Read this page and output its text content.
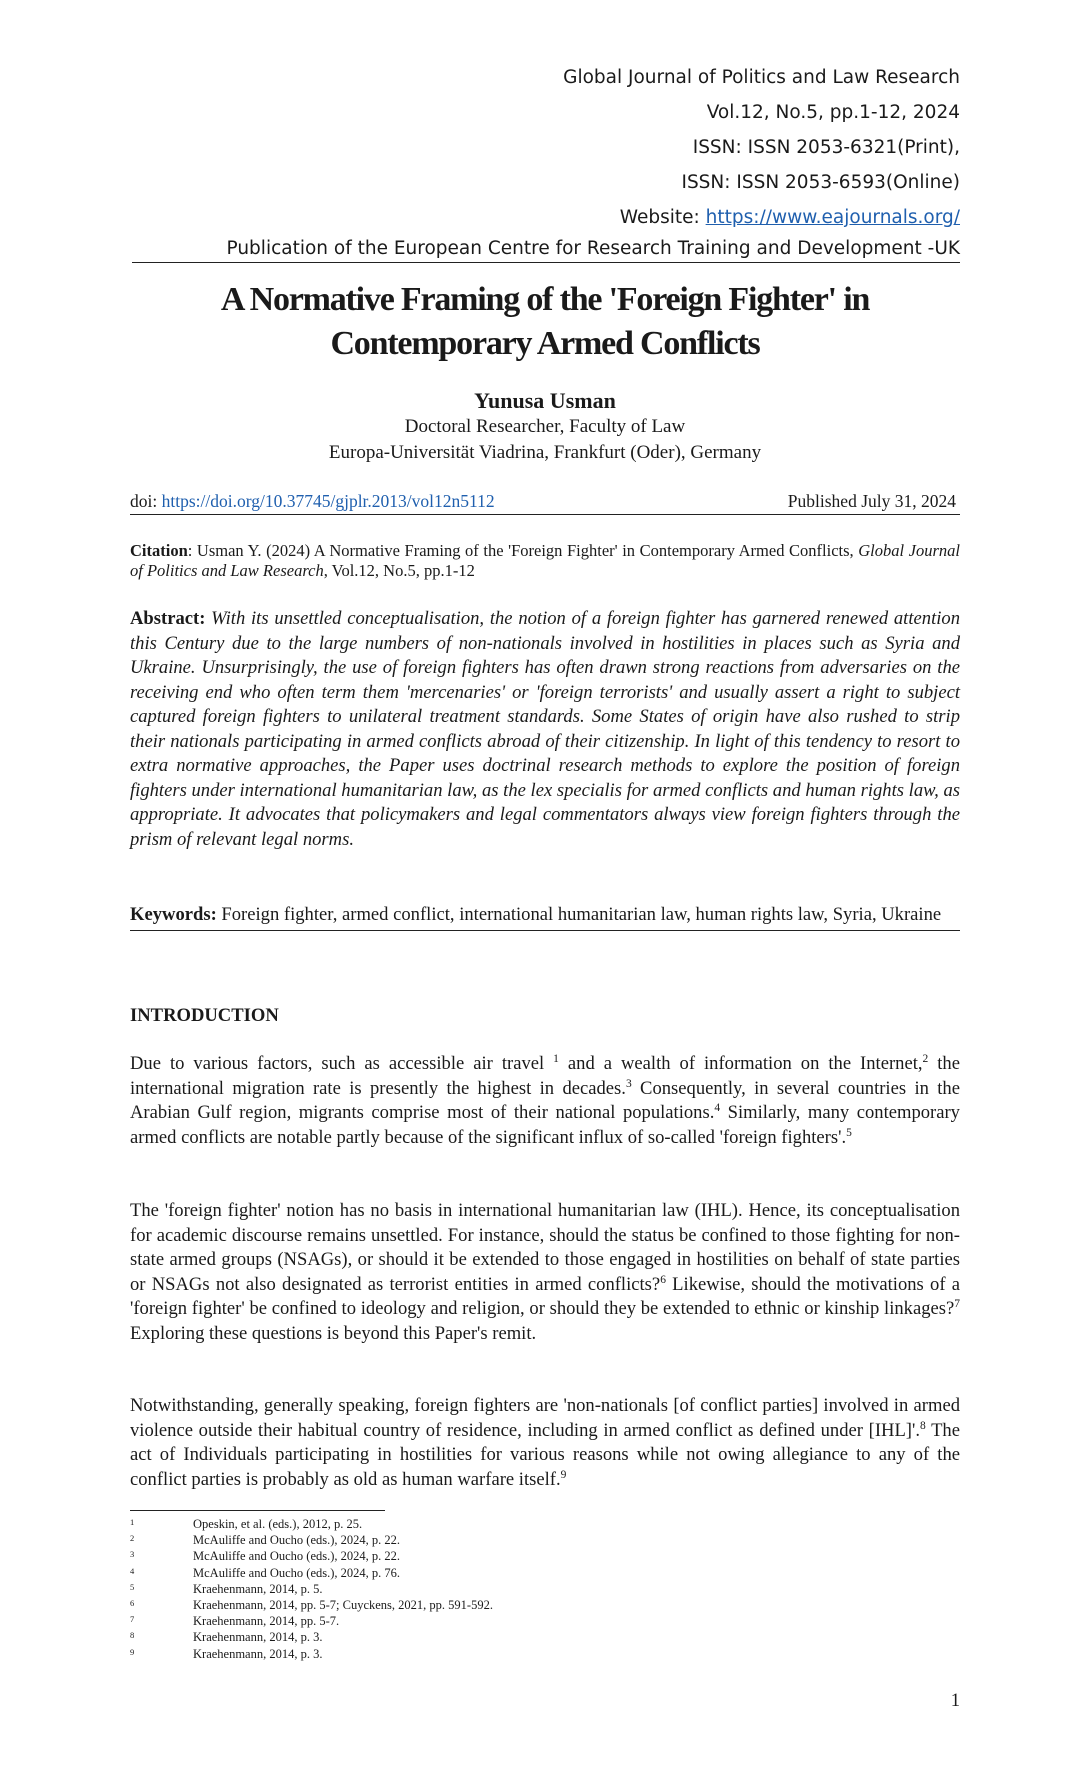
Global Journal of Politics and Law Research
Vol.12, No.5, pp.1-12, 2024
ISSN: ISSN 2053-6321(Print),
ISSN: ISSN 2053-6593(Online)
Website: https://www.eajournals.org/
Publication of the European Centre for Research Training and Development -UK
A Normative Framing of the 'Foreign Fighter' in
Contemporary Armed Conflicts
Yunusa Usman
Doctoral Researcher, Faculty of Law
Europa-Universität Viadrina, Frankfurt (Oder), Germany
doi: https://doi.org/10.37745/gjplr.2013/vol12n5112	Published July 31, 2024
Citation: Usman Y. (2024) A Normative Framing of the 'Foreign Fighter' in Contemporary Armed Conflicts, Global Journal of Politics and Law Research, Vol.12, No.5, pp.1-12
Abstract: With its unsettled conceptualisation, the notion of a foreign fighter has garnered renewed attention this Century due to the large numbers of non-nationals involved in hostilities in places such as Syria and Ukraine. Unsurprisingly, the use of foreign fighters has often drawn strong reactions from adversaries on the receiving end who often term them 'mercenaries' or 'foreign terrorists' and usually assert a right to subject captured foreign fighters to unilateral treatment standards. Some States of origin have also rushed to strip their nationals participating in armed conflicts abroad of their citizenship. In light of this tendency to resort to extra normative approaches, the Paper uses doctrinal research methods to explore the position of foreign fighters under international humanitarian law, as the lex specialis for armed conflicts and human rights law, as appropriate. It advocates that policymakers and legal commentators always view foreign fighters through the prism of relevant legal norms.
Keywords: Foreign fighter, armed conflict, international humanitarian law, human rights law, Syria, Ukraine
INTRODUCTION
Due to various factors, such as accessible air travel $^1$ and a wealth of information on the Internet,$^2$ the international migration rate is presently the highest in decades.$^3$ Consequently, in several countries in the Arabian Gulf region, migrants comprise most of their national populations.$^4$ Similarly, many contemporary armed conflicts are notable partly because of the significant influx of so-called 'foreign fighters'.$^5$
The 'foreign fighter' notion has no basis in international humanitarian law (IHL). Hence, its conceptualisation for academic discourse remains unsettled. For instance, should the status be confined to those fighting for non-state armed groups (NSAGs), or should it be extended to those engaged in hostilities on behalf of state parties or NSAGs not also designated as terrorist entities in armed conflicts?$^6$ Likewise, should the motivations of a 'foreign fighter' be confined to ideology and religion, or should they be extended to ethnic or kinship linkages?$^7$ Exploring these questions is beyond this Paper's remit.
Notwithstanding, generally speaking, foreign fighters are 'non-nationals [of conflict parties] involved in armed violence outside their habitual country of residence, including in armed conflict as defined under [IHL]'.$^8$ The act of Individuals participating in hostilities for various reasons while not owing allegiance to any of the conflict parties is probably as old as human warfare itself.$^9$
1	Opeskin, et al. (eds.), 2012, p. 25.
2	McAuliffe and Oucho (eds.), 2024, p. 22.
3	McAuliffe and Oucho (eds.), 2024, p. 22.
4	McAuliffe and Oucho (eds.), 2024, p. 76.
5	Kraehenmann, 2014, p. 5.
6	Kraehenmann, 2014, pp. 5-7; Cuyckens, 2021, pp. 591-592.
7	Kraehenmann, 2014, pp. 5-7.
8	Kraehenmann, 2014, p. 3.
9	Kraehenmann, 2014, p. 3.
1
